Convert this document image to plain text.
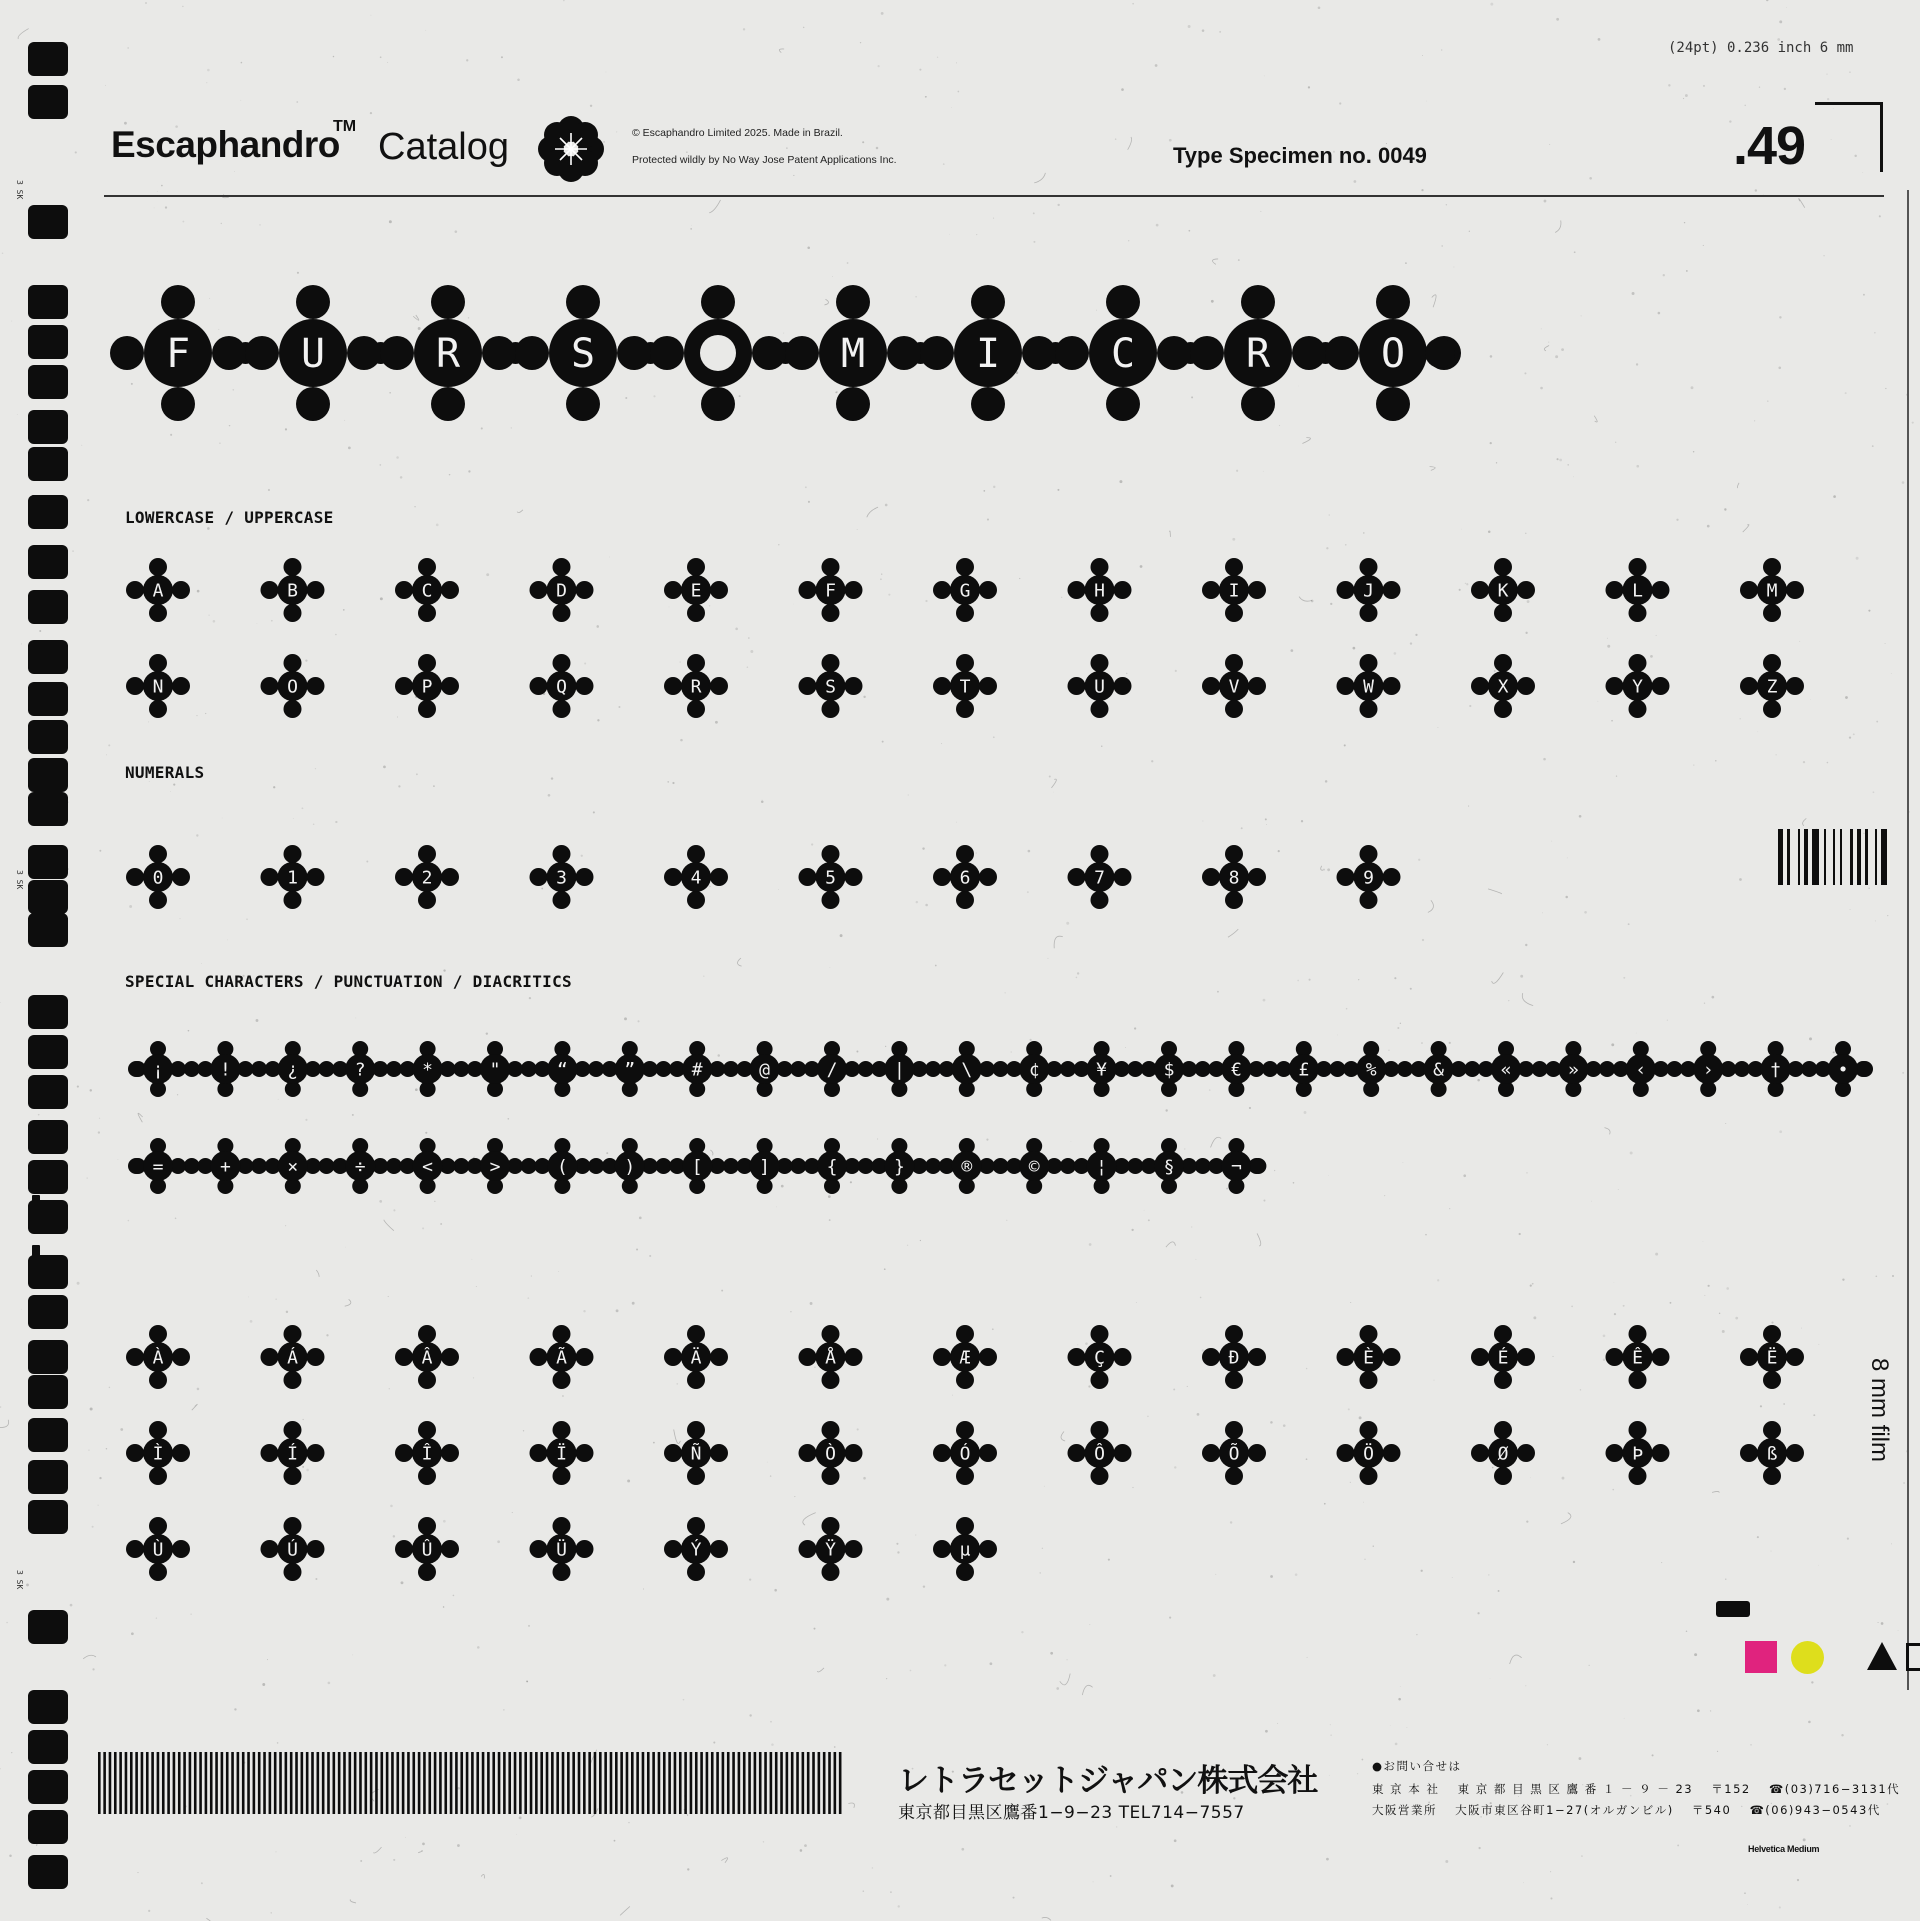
3 SK
3 SK
3 SK
(24pt) 0.236 inch 6 mm
Escaphandro
TM Catalog	© Escaphandro Limited 2025. Made in Brazil.
Protected wildly by No Way Jose Patent Applications Inc.	Type Specimen no. 0049	.49
LOWERCASE / UPPERCASE
NUMERALS
SPECIAL CHARACTERS / PUNCTUATION / DIACRITICS
F	U	R	S	M	I	C	R	O
A	B	C	D	E	F	G	H	I	J	K	L	M
N	O	P	Q	R	S	T	U	V	W	X	Y	Z
0	1	2	3	4	5	6	7	8	9
À	Á	Â	Ã	Ä	Å	Æ	Ç	Ð	È	É	Ê	Ë
Ì	Í	Î	Ï	Ñ	Ò	Ó	Ô	Õ	Ö	Ø	Þ	ß
Ù	Ú	Û	Ü	Ý	Ÿ	µ
¡	!	¿	?	*	"	“	”	#	@	/	|	\	¢	¥	$	€	£	%	&	«	»	‹	›	†	•
=	+	×	÷	<	>	(	)	[	]	{	}	®	©	¦	§	¬
8 mm film
レトラセットジャパン株式会社
東京都目黒区鷹番1−9−23 TEL714−7557
●お問い合せは
東 京 本 社　 東 京 都 目 黒 区 鷹 番 １ － ９ － 23　 〒152　 ☎(03)716−3131代
大阪営業所　 大阪市東区谷町1−27(オルガンビル)　 〒540　 ☎(06)943−0543代
Helvetica Medium
